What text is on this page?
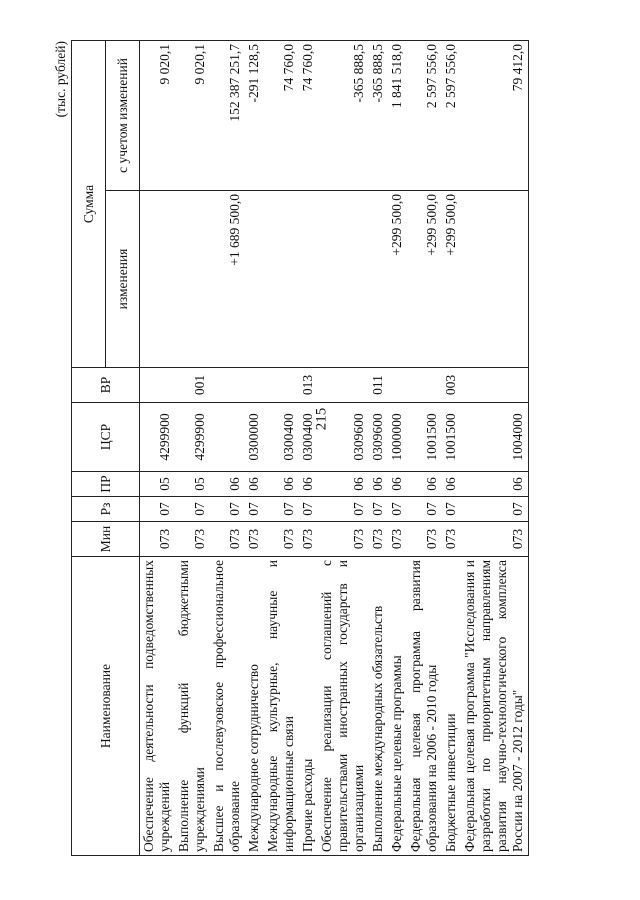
215
(тыс. рублей)
Наименование	Мин	Рз	ПР	ЦСР	ВР	Сумма	
						изменения	с учетом изменений
Обеспечение деятельности подведомственных учреждений	073	07	05	4299900			9 020,1
Выполнение функций бюджетными учреждениями	073	07	05	4299900	001		9 020,1
Высшее и послевузовское профессиональное образование	073	07	06			+1 689 500,0	152 387 251,7
Международное сотрудничество	073	07	06	0300000			-291 128,5
Международные культурные, научные и информационные связи	073	07	06	0300400			74 760,0
Прочие расходы	073	07	06	0300400	013		74 760,0
Обеспечение реализации соглашений с правительствами иностранных государств и организациями	073	07	06	0309600			-365 888,5
Выполнение международных обязательств	073	07	06	0309600	011		-365 888,5
Федеральные целевые программы	073	07	06	1000000		+299 500,0	1 841 518,0
Федеральная целевая программа развития образования на 2006 - 2010 годы	073	07	06	1001500		+299 500,0	2 597 556,0
Бюджетные инвестиции	073	07	06	1001500	003	+299 500,0	2 597 556,0
Федеральная целевая программа "Исследования и разработки по приоритетным направлениям развития научно-технологического комплекса России на 2007 - 2012 годы"	073	07	06	1004000			79 412,0
